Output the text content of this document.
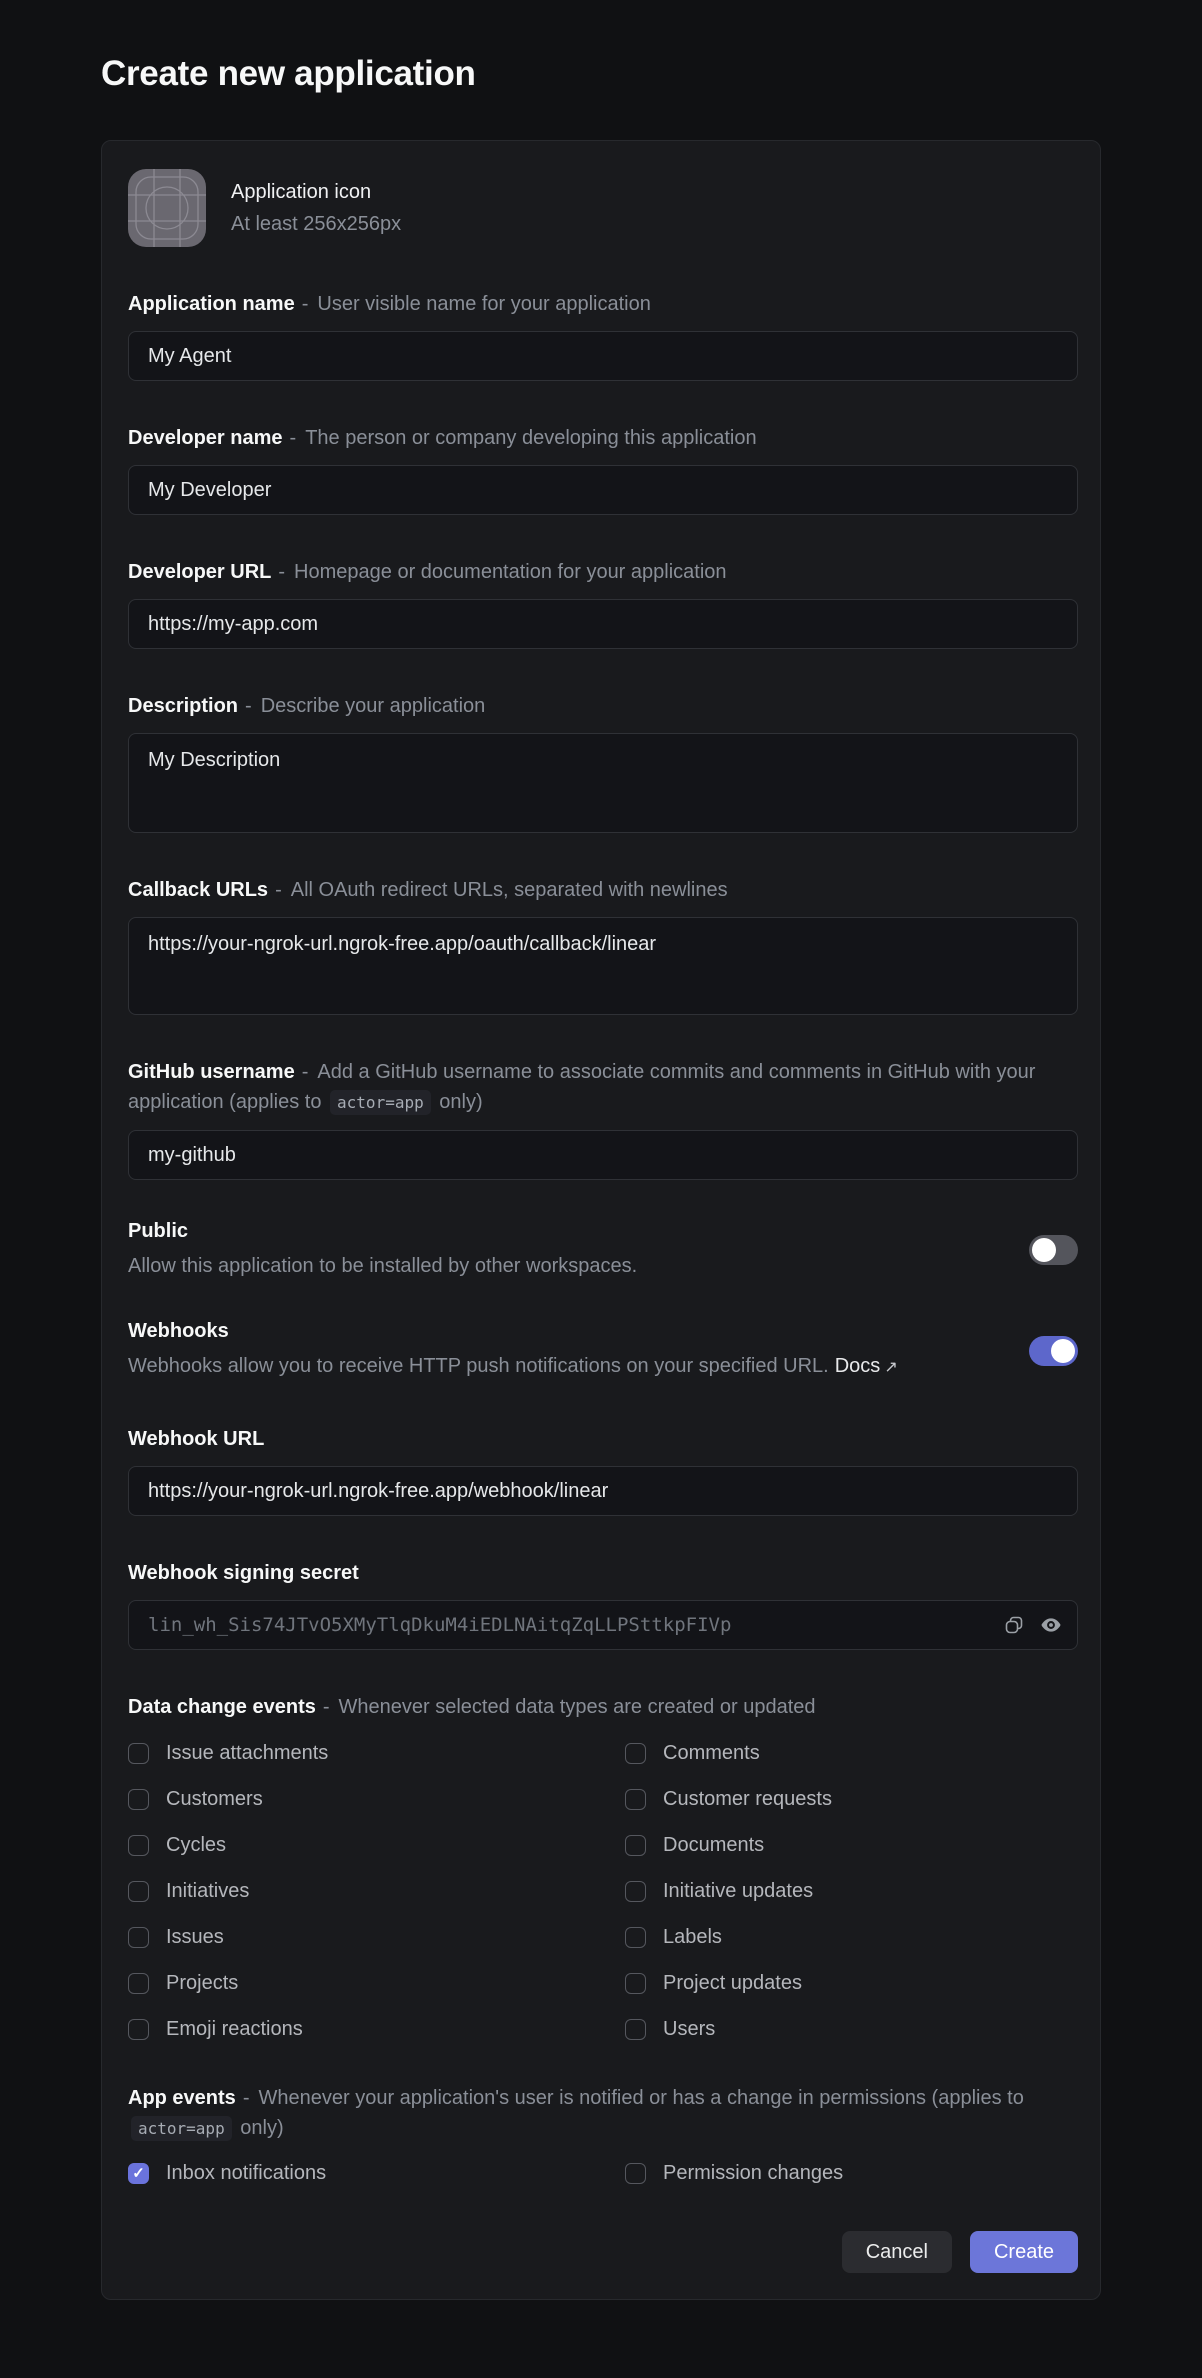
Create new application
Application icon
At least 256x256px
Application name - User visible name for your application
My Agent
Developer name - The person or company developing this application
My Developer
Developer URL - Homepage or documentation for your application
https://my-app.com
Description - Describe your application
My Description
Callback URLs - All OAuth redirect URLs, separated with newlines
https://your-ngrok-url.ngrok-free.app/oauth/callback/linear
GitHub username - Add a GitHub username to associate commits and comments in GitHub with your application (applies to actor=app only)
my-github
Public
Allow this application to be installed by other workspaces.
Webhooks
Webhooks allow you to receive HTTP push notifications on your specified URL. Docs ↗
Webhook URL
https://your-ngrok-url.ngrok-free.app/webhook/linear
Webhook signing secret
lin_wh_Sis74JTvO5XMyTlqDkuM4iEDLNAitqZqLLPSttkpFIVp
Data change events - Whenever selected data types are created or updated
Issue attachments	Comments
Customers	Customer requests
Cycles	Documents
Initiatives	Initiative updates
Issues	Labels
Projects	Project updates
Emoji reactions	Users
App events - Whenever your application's user is notified or has a change in permissions (applies to actor=app only)
✓
Inbox notifications	Permission changes
Cancel	Create
